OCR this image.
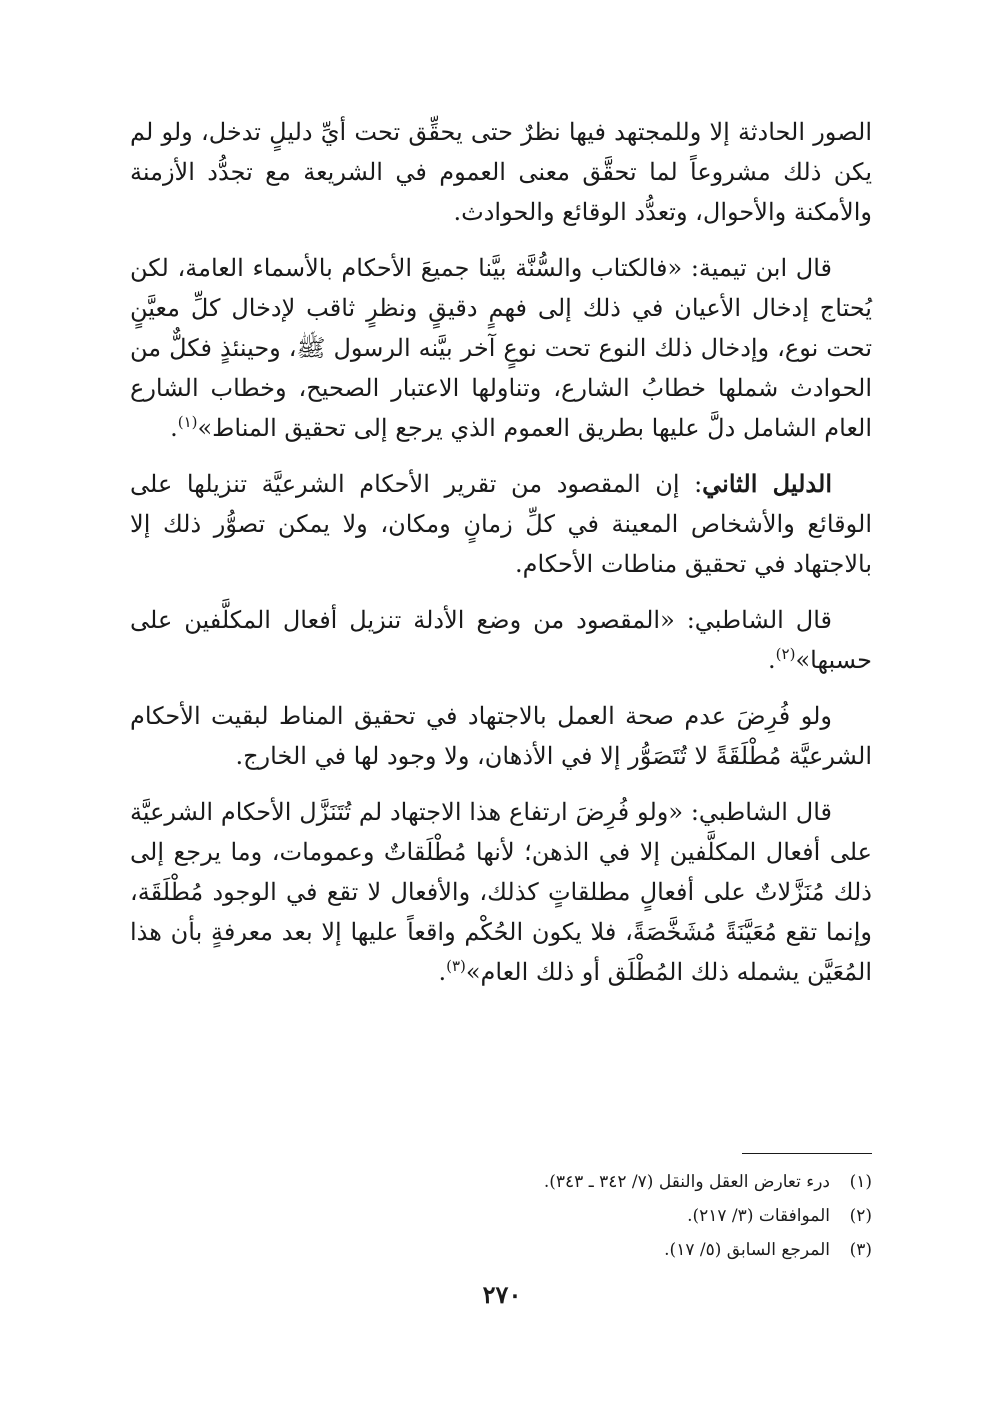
الصور الحادثة إلا وللمجتهد فيها نظرٌ حتى يحقِّق تحت أيِّ دليلٍ تدخل، ولو لم يكن ذلك مشروعاً لما تحقَّق معنى العموم في الشريعة مع تجدُّد الأزمنة والأمكنة والأحوال، وتعدُّد الوقائع والحوادث.

قال ابن تيمية: «فالكتاب والسُّنَّة بيَّنا جميعَ الأحكام بالأسماء العامة، لكن يُحتاج إدخال الأعيان في ذلك إلى فهمٍ دقيقٍ ونظرٍ ثاقب لإدخال كلِّ معيَّنٍ تحت نوع، وإدخال ذلك النوع تحت نوعٍ آخر بيَّنه الرسول ﷺ، وحينئذٍ فكلٌّ من الحوادث شملها خطابُ الشارع، وتناولها الاعتبار الصحيح، وخطاب الشارع العام الشامل دلَّ عليها بطريق العموم الذي يرجع إلى تحقيق المناط»$^{(١)}$.

الدليل الثاني: إن المقصود من تقرير الأحكام الشرعيَّة تنزيلها على الوقائع والأشخاص المعينة في كلِّ زمانٍ ومكان، ولا يمكن تصوُّر ذلك إلا بالاجتهاد في تحقيق مناطات الأحكام.

قال الشاطبي: «المقصود من وضع الأدلة تنزيل أفعال المكلَّفين على حسبها»$^{(٢)}$.

ولو فُرِضَ عدم صحة العمل بالاجتهاد في تحقيق المناط لبقيت الأحكام الشرعيَّة مُطْلَقَةً لا تُتَصَوُّر إلا في الأذهان، ولا وجود لها في الخارج.

قال الشاطبي: «ولو فُرِضَ ارتفاع هذا الاجتهاد لم تُتَنَزَّل الأحكام الشرعيَّة على أفعال المكلَّفين إلا في الذهن؛ لأنها مُطْلَقاتٌ وعمومات، وما يرجع إلى ذلك مُنَزَّلاتٌ على أفعالٍ مطلقاتٍ كذلك، والأفعال لا تقع في الوجود مُطْلَقَة، وإنما تقع مُعَيَّنَةً مُشَخَّصَةً، فلا يكون الحُكْم واقعاً عليها إلا بعد معرفةٍ بأن هذا المُعَيَّن يشمله ذلك المُطْلَق أو ذلك العام»$^{(٣)}$.

(١)درء تعارض العقل والنقل (٧/ ٣٤٢ ـ ٣٤٣).
(٢)الموافقات (٣/ ٢١٧).
(٣)المرجع السابق (٥/ ١٧).
٢٧٠
